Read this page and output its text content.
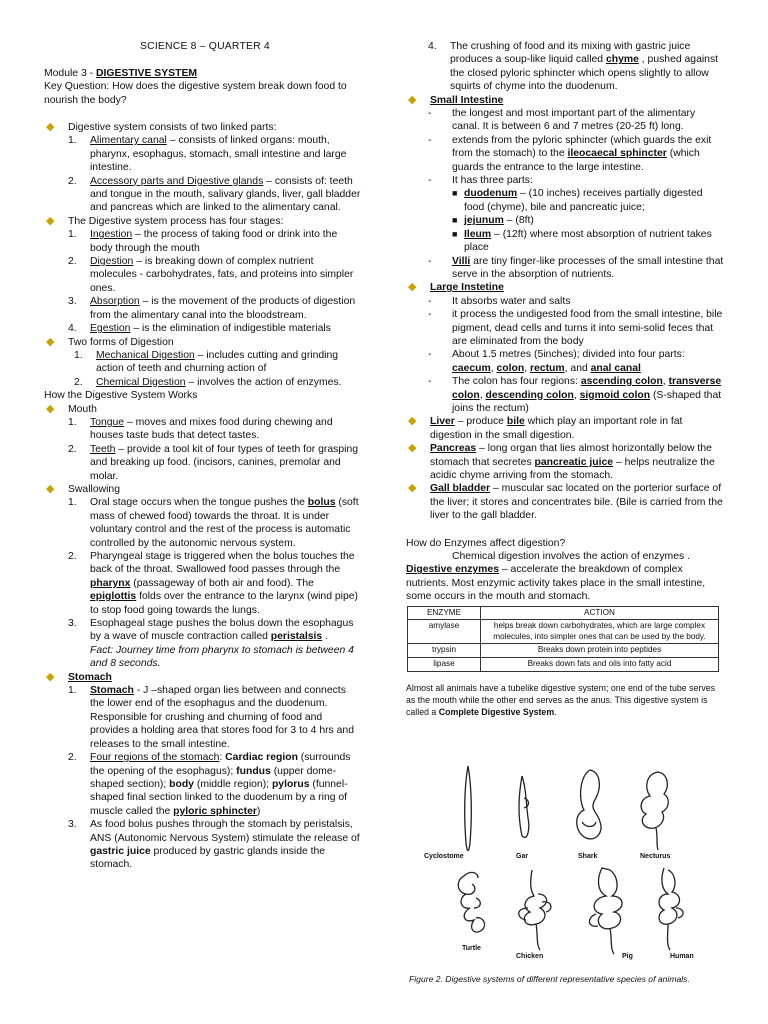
SCIENCE 8 – QUARTER 4

Module 3 - DIGESTIVE SYSTEM

Key Question: How does the digestive system break down food to nourish the body?

◆ Digestive system consists of two linked parts:
1. Alimentary canal – consists of linked organs: mouth, pharynx, esophagus, stomach, small intestine and large intestine.
2. Accessory parts and Digestive glands – consists of: teeth and tongue in the mouth, salivary glands, liver, gall bladder and pancreas which are linked to the alimentary canal.
◆ The Digestive system process has four stages:
1. Ingestion – the process of taking food or drink into the body through the mouth
2. Digestion – is breaking down of complex nutrient molecules - carbohydrates, fats, and proteins into simpler ones.
3. Absorption – is the movement of the products of digestion from the alimentary canal into the bloodstream.
4. Egestion – is the elimination of indigestible materials
◆ Two forms of Digestion
1. Mechanical Digestion – includes cutting and grinding action of teeth and churning action of
2. Chemical Digestion – involves the action of enzymes.

How the Digestive System Works

◆ Mouth
1. Tongue – moves and mixes food during chewing and houses taste buds that detect tastes.
2. Teeth – provide a tool kit of four types of teeth for grasping and breaking up food. (incisors, canines, premolar and molar.
◆ Swallowing
1. Oral stage occurs when the tongue pushes the bolus (soft mass of chewed food) towards the throat. It is under voluntary control and the rest of the process is automatic controlled by the autonomic nervous system.
2. Pharyngeal stage is triggered when the bolus touches the back of the throat. Swallowed food passes through the pharynx (passageway of both air and food). The epiglottis folds over the entrance to the larynx (wind pipe) to stop food going towards the lungs.
3. Esophageal stage pushes the bolus down the esophagus by a wave of muscle contraction called peristalsis .
Fact: Journey time from pharynx to stomach is between 4 and 8 seconds.
◆ Stomach
1. Stomach - J –shaped organ lies between and connects the lower end of the esophagus and the duodenum. Responsible for crushing and churning of food and provides a holding area that stores food for 3 to 4 hrs and releases to the small intestine.
2. Four regions of the stomach: Cardiac region (surrounds the opening of the esophagus); fundus (upper dome-shaped section); body (middle region); pylorus (funnel-shaped final section linked to the duodenum by a ring of muscle called the pyloric sphincter)
3. As food bolus pushes through the stomach by peristalsis, ANS (Autonomic Nervous System) stimulate the release of gastric juice produced by gastric glands inside the stomach.
4. The crushing of food and its mixing with gastric juice produces a soup-like liquid called chyme , pushed against the closed pyloric sphincter which opens slightly to allow squirts of chyme into the duodenum.
◆ Small Intestine
- the longest and most important part of the alimentary canal. It is between 6 and 7 metres (20-25 ft) long.
- extends from the pyloric sphincter (which guards the exit from the stomach) to the ileocaecal sphincter (which guards the entrance to the large intestine.
- It has three parts:
■ duodenum – (10 inches) receives partially digested food (chyme), bile and pancreatic juice;
■ jejunum – (8ft)
■ Ileum – (12ft) where most absorption of nutrient takes place
- Villi are tiny finger-like processes of the small intestine that serve in the absorption of nutrients.
◆ Large Instetine
- It absorbs water and salts
- it process the undigested food from the small intestine, bile pigment, dead cells and turns it into semi-solid feces that are eliminated from the body
- About 1.5 metres (5inches); divided into four parts: caecum, colon, rectum, and anal canal
- The colon has four regions: ascending colon, transverse colon, descending colon, sigmoid colon (S-shaped that joins the rectum)
◆ Liver – produce bile which play an important role in fat digestion in the small digestion.
◆ Pancreas – long organ that lies almost horizontally below the stomach that secretes pancreatic juice – helps neutralize the acidic chyme arriving from the stomach.
◆ Gall bladder – muscular sac located on the porterior surface of the liver; it stores and concentrates bile. (Bile is carried from the liver to the gall bladder.

How do Enzymes affect digestion?

Chemical digestion involves the action of enzymes .

Digestive enzymes – accelerate the breakdown of complex nutrients. Most enzymic activity takes place in the small intestine, some occurs in the mouth and stomach.

ENZYME	ACTION
amylase	helps break down carbohydrates, which are large complex molecules, into simpler ones that can be used by the body.
trypsin	Breaks down protein into peptides
lipase	Breaks down fats and oils into fatty acid

Almost all animals have a tubelike digestive system; one end of the tube serves as the mouth while the other end serves as the anus. This digestive system is called a Complete Digestive System.

Cyclostome	Gar	Shark	Necturus
Turtle
Chicken	Pig	Human
Figure 2. Digestive systems of different representative species of animals.
